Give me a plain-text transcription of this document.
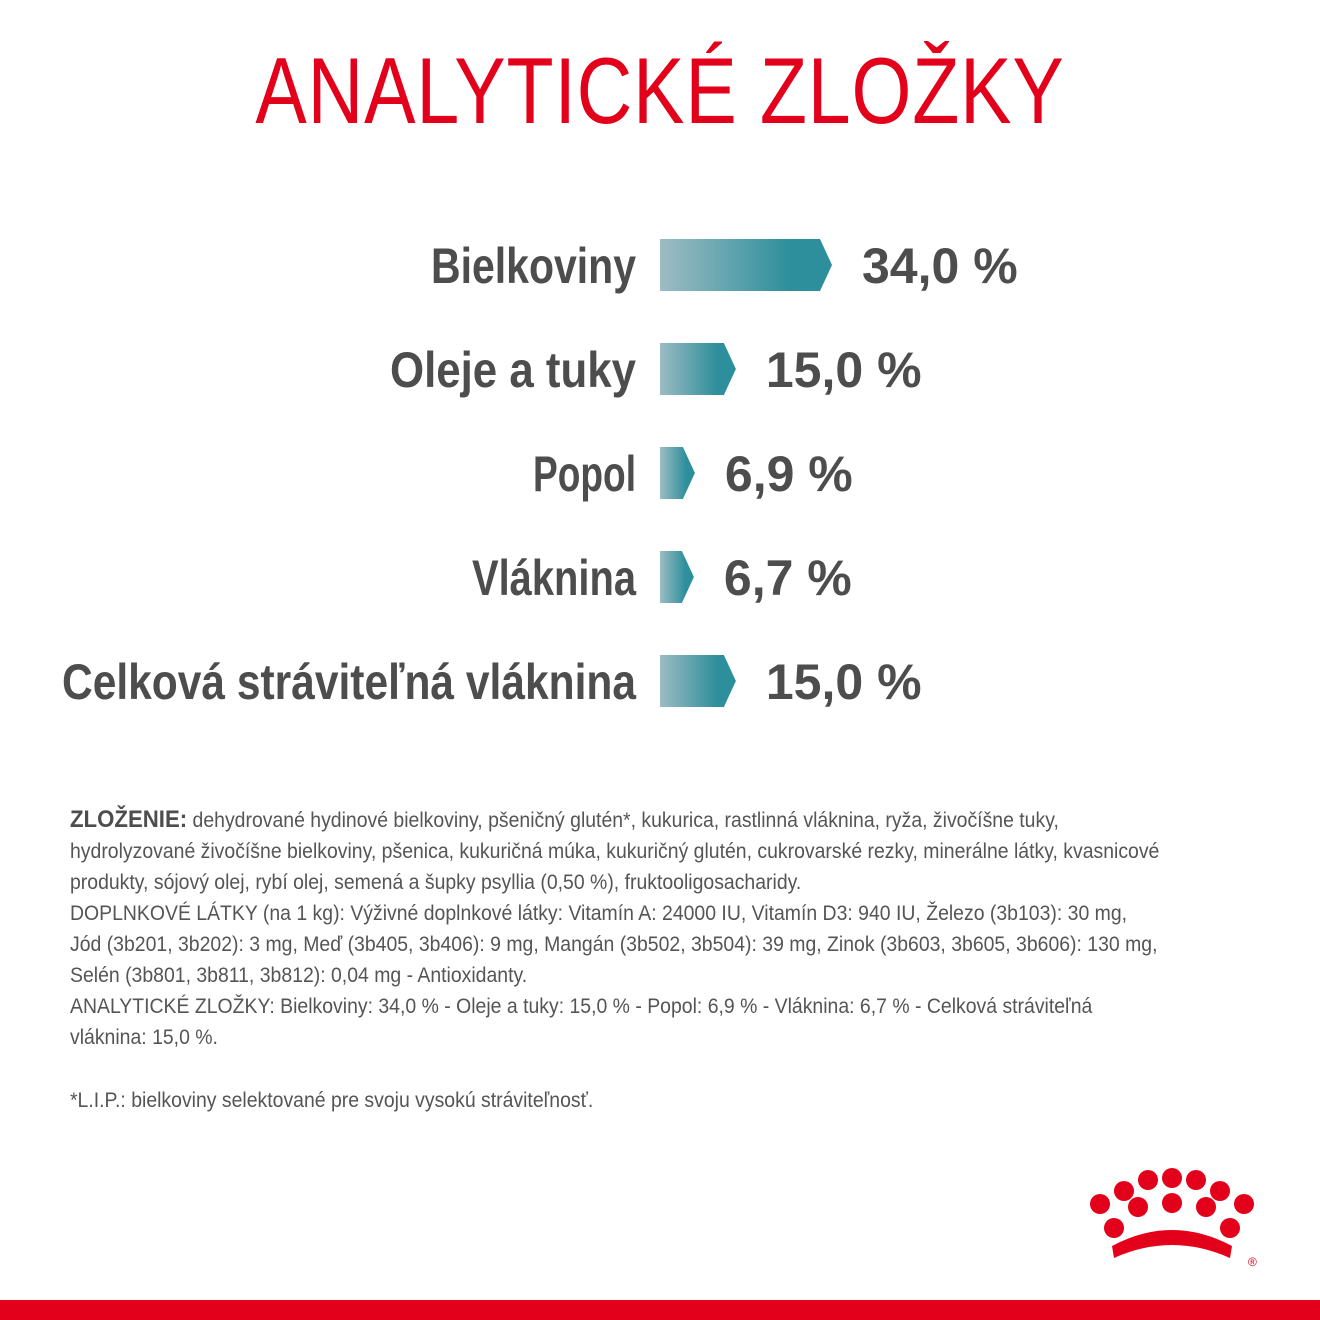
ANALYTICKÉ ZLOŽKY
Bielkoviny	34,0 %
Oleje a tuky	15,0 %
Popol 6,9 %
Vláknina 6,7 %
Celková stráviteľná vláknina	15,0 %

ZLOŽENIE: dehydrované hydinové bielkoviny, pšeničný glutén*, kukurica, rastlinná vláknina, ryža, živočíšne tuky, hydrolyzované živočíšne bielkoviny, pšenica, kukuričná múka, kukuričný glutén, cukrovarské rezky, minerálne látky, kvasnicové produkty, sójový olej, rybí olej, semená a šupky psyllia (0,50 %), fruktooligosacharidy.

DOPLNKOVÉ LÁTKY (na 1 kg): Výživné doplnkové látky: Vitamín A: 24000 IU, Vitamín D3: 940 IU, Železo (3b103): 30 mg, Jód (3b201, 3b202): 3 mg, Meď (3b405, 3b406): 9 mg, Mangán (3b502, 3b504): 39 mg, Zinok (3b603, 3b605, 3b606): 130 mg, Selén (3b801, 3b811, 3b812): 0,04 mg - Antioxidanty.

ANALYTICKÉ ZLOŽKY: Bielkoviny: 34,0 % - Oleje a tuky: 15,0 % - Popol: 6,9 % - Vláknina: 6,7 % - Celková stráviteľná vláknina: 15,0 %.

*L.I.P.: bielkoviny selektované pre svoju vysokú stráviteľnosť.
®
